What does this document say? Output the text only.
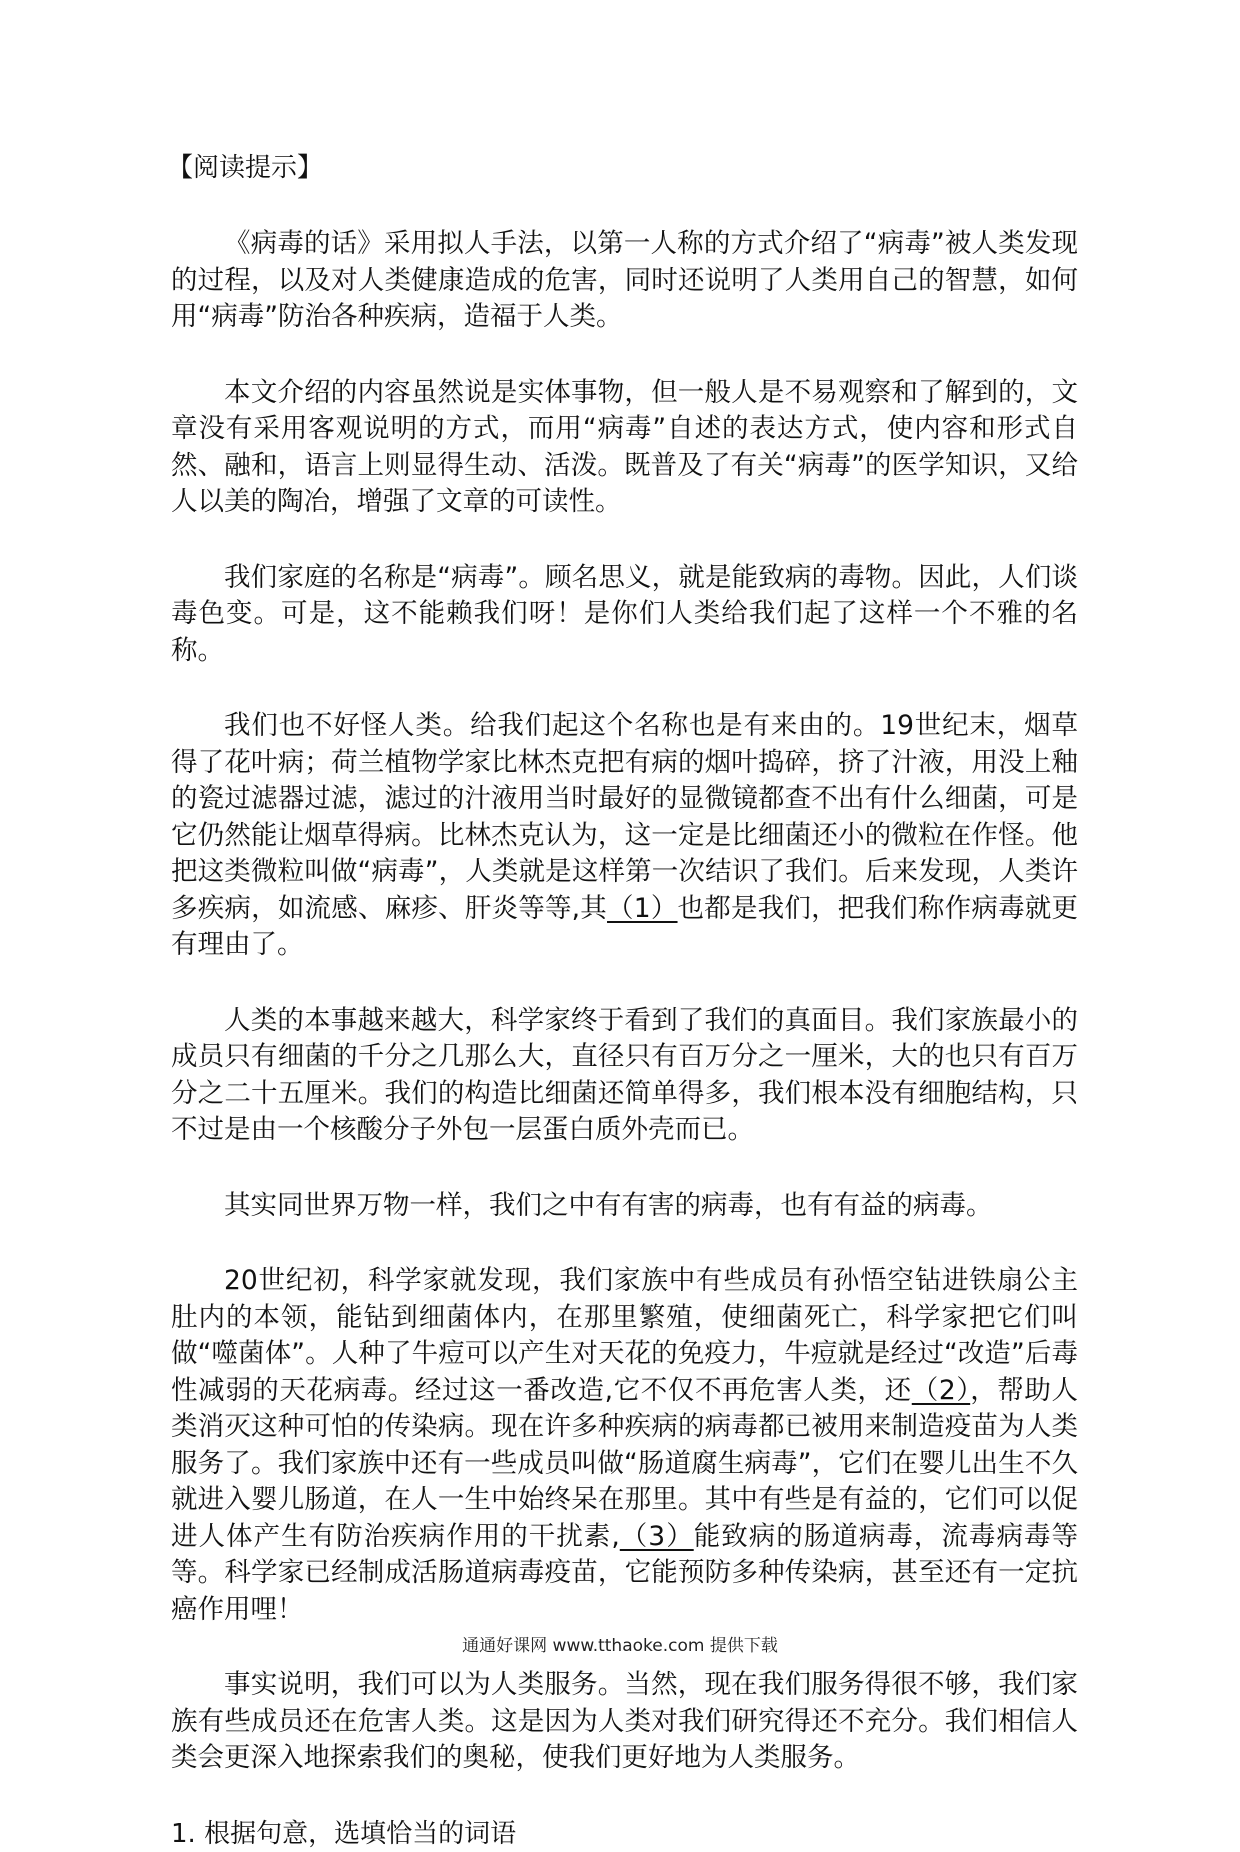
【阅读提示】

《病毒的话》采用拟人手法，以第一人称的方式介绍了“病毒”被人类发现的过程，以及对人类健康造成的危害，同时还说明了人类用自己的智慧，如何用“病毒”防治各种疾病，造福于人类。

本文介绍的内容虽然说是实体事物，但一般人是不易观察和了解到的，文章没有采用客观说明的方式，而用“病毒”自述的表达方式，使内容和形式自然、融和，语言上则显得生动、活泼。既普及了有关“病毒”的医学知识，又给人以美的陶冶，增强了文章的可读性。

我们家庭的名称是“病毒”。顾名思义，就是能致病的毒物。因此，人们谈毒色变。可是，这不能赖我们呀！是你们人类给我们起了这样一个不雅的名称。

我们也不好怪人类。给我们起这个名称也是有来由的。19世纪末，烟草得了花叶病；荷兰植物学家比林杰克把有病的烟叶捣碎，挤了汁液，用没上釉的瓷过滤器过滤，滤过的汁液用当时最好的显微镜都查不出有什么细菌，可是它仍然能让烟草得病。比林杰克认为，这一定是比细菌还小的微粒在作怪。他把这类微粒叫做“病毒”，人类就是这样第一次结识了我们。后来发现，人类许多疾病，如流感、麻疹、肝炎等等,其（1）也都是我们，把我们称作病毒就更有理由了。

人类的本事越来越大，科学家终于看到了我们的真面目。我们家族最小的成员只有细菌的千分之几那么大，直径只有百万分之一厘米，大的也只有百万分之二十五厘米。我们的构造比细菌还简单得多，我们根本没有细胞结构，只不过是由一个核酸分子外包一层蛋白质外壳而已。

其实同世界万物一样，我们之中有有害的病毒，也有有益的病毒。

20世纪初，科学家就发现，我们家族中有些成员有孙悟空钻进铁扇公主肚内的本领，能钻到细菌体内，在那里繁殖，使细菌死亡，科学家把它们叫做“噬菌体”。人种了牛痘可以产生对天花的免疫力，牛痘就是经过“改造”后毒性减弱的天花病毒。经过这一番改造,它不仅不再危害人类，还（2），帮助人类消灭这种可怕的传染病。现在许多种疾病的病毒都已被用来制造疫苗为人类服务了。我们家族中还有一些成员叫做“肠道腐生病毒”，它们在婴儿出生不久就进入婴儿肠道，在人一生中始终呆在那里。其中有些是有益的，它们可以促进人体产生有防治疾病作用的干扰素,（3）能致病的肠道病毒，流毒病毒等等。科学家已经制成活肠道病毒疫苗，它能预防多种传染病，甚至还有一定抗癌作用哩！

事实说明，我们可以为人类服务。当然，现在我们服务得很不够，我们家族有些成员还在危害人类。这是因为人类对我们研究得还不充分。我们相信人类会更深入地探索我们的奥秘，使我们更好地为人类服务。

1. 根据句意，选填恰当的词语
通通好课网 www.tthaoke.com 提供下载
